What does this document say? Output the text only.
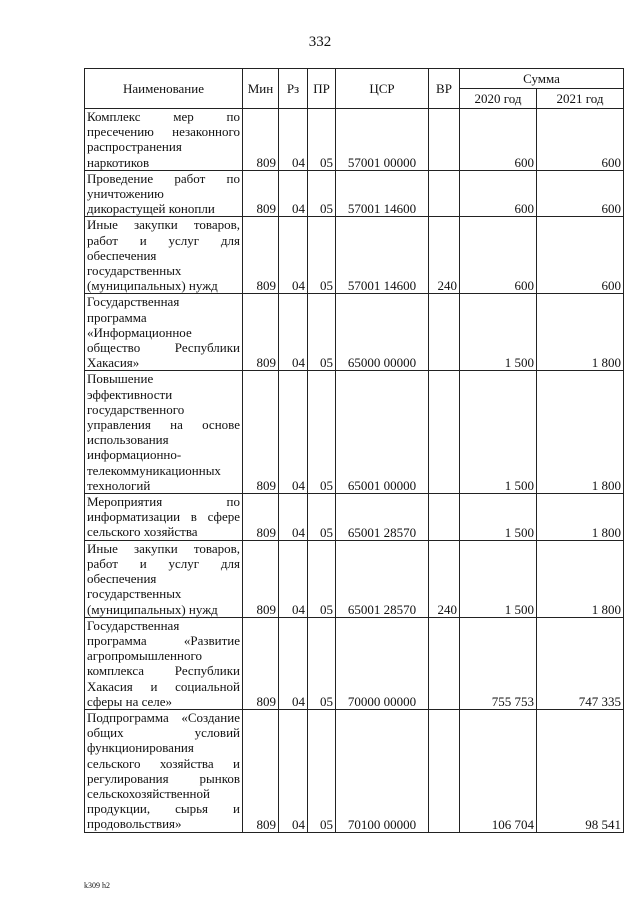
332
Наименование	Мин	Рз	ПР	ЦСР	ВР	Сумма	
						2020 год	2021 год
Комплекс мер по пресечению незаконного распространения наркотиков	809	04	05	57001 00000		600	600
Проведение работ по уничтожению дикорастущей конопли	809	04	05	57001 14600		600	600
Иные закупки товаров, работ и услуг для обеспечения государственных (муниципальных) нужд	809	04	05	57001 14600	240	600	600
Государственная программа «Информационное общество Республики Хакасия»	809	04	05	65000 00000		1 500	1 800
Повышение эффективности государственного управления на основе использования информационно-телекоммуникационных технологий	809	04	05	65001 00000		1 500	1 800
Мероприятия по информатизации в сфере сельского хозяйства	809	04	05	65001 28570		1 500	1 800
Иные закупки товаров, работ и услуг для обеспечения государственных (муниципальных) нужд	809	04	05	65001 28570	240	1 500	1 800
Государственная программа «Развитие агропромышленного комплекса Республики Хакасия и социальной сферы на селе»	809	04	05	70000 00000		755 753	747 335
Подпрограмма «Создание общих условий функционирования сельского хозяйства и регулирования рынков сельскохозяйственной продукции, сырья и продовольствия»	809	04	05	70100 00000		106 704	98 541
k309 h2
